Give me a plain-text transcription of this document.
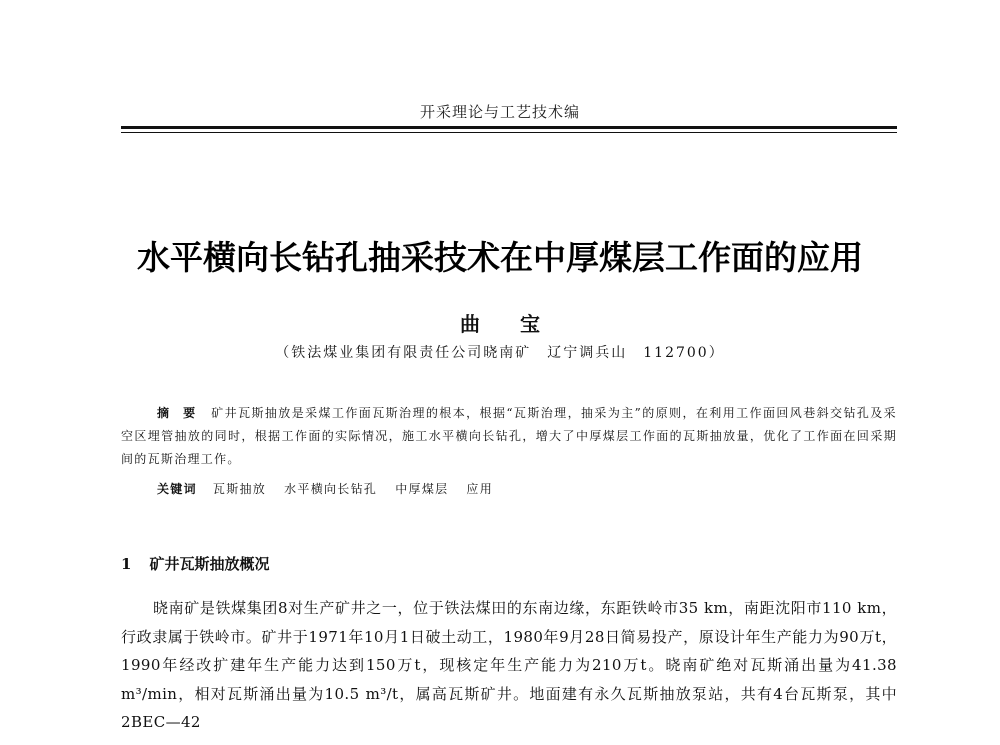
开采理论与工艺技术编
水平横向长钻孔抽采技术在中厚煤层工作面的应用
曲宝
（铁法煤业集团有限责任公司晓南矿　辽宁调兵山　112700）

摘要 矿井瓦斯抽放是采煤工作面瓦斯治理的根本，根据“瓦斯治理，抽采为主”的原则，在利用工作面回风巷斜交钻孔及采空区埋管抽放的同时，根据工作面的实际情况，施工水平横向长钻孔，增大了中厚煤层工作面的瓦斯抽放量，优化了工作面在回采期间的瓦斯治理工作。

关键词 瓦斯抽放 水平横向长钻孔 中厚煤层 应用
1 矿井瓦斯抽放概况

晓南矿是铁煤集团8对生产矿井之一，位于铁法煤田的东南边缘，东距铁岭市35 km，南距沈阳市110 km，行政隶属于铁岭市。矿井于1971年10月1日破土动工，1980年9月28日简易投产，原设计年生产能力为90万t，1990年经改扩建年生产能力达到150万t，现核定年生产能力为210万t。晓南矿绝对瓦斯涌出量为41.38 m³/min，相对瓦斯涌出量为10.5 m³/t，属高瓦斯矿井。地面建有永久瓦斯抽放泵站，共有4台瓦斯泵，其中2BEC—42
